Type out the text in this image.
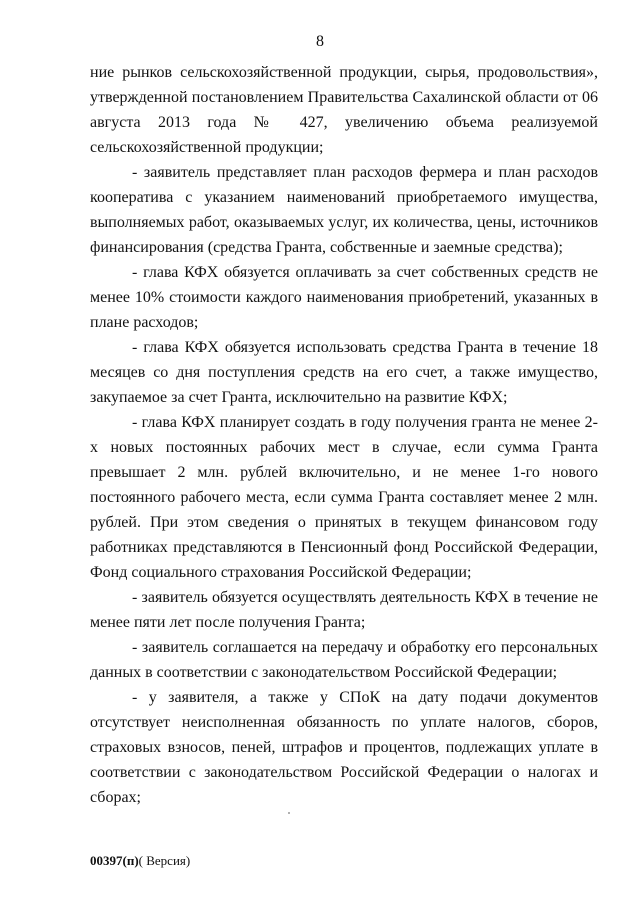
8

ние рынков сельскохозяйственной продукции, сырья, продовольствия», утвержденной постановлением Правительства Сахалинской области от 06 августа 2013 года № 427, увеличению объема реализуемой сельскохозяйственной продукции;

- заявитель представляет план расходов фермера и план расходов кооператива с указанием наименований приобретаемого имущества, выполняемых работ, оказываемых услуг, их количества, цены, источников финансирования (средства Гранта, собственные и заемные средства);

- глава КФХ обязуется оплачивать за счет собственных средств не менее 10% стоимости каждого наименования приобретений, указанных в плане расходов;

- глава КФХ обязуется использовать средства Гранта в течение 18 месяцев со дня поступления средств на его счет, а также имущество, закупаемое за счет Гранта, исключительно на развитие КФХ;

- глава КФХ планирует создать в году получения гранта не менее 2-х новых постоянных рабочих мест в случае, если сумма Гранта превышает 2 млн. рублей включительно, и не менее 1-го нового постоянного рабочего места, если сумма Гранта составляет менее 2 млн. рублей. При этом сведения о принятых в текущем финансовом году работниках представляются в Пенсионный фонд Российской Федерации, Фонд социального страхования Российской Федерации;

- заявитель обязуется осуществлять деятельность КФХ в течение не менее пяти лет после получения Гранта;

- заявитель соглашается на передачу и обработку его персональных данных в соответствии с законодательством Российской Федерации;

- у заявителя, а также у СПоК на дату подачи документов отсутствует неисполненная обязанность по уплате налогов, сборов, страховых взносов, пеней, штрафов и процентов, подлежащих уплате в соответствии с законодательством Российской Федерации о налогах и сборах;

00397(п)( Версия)
